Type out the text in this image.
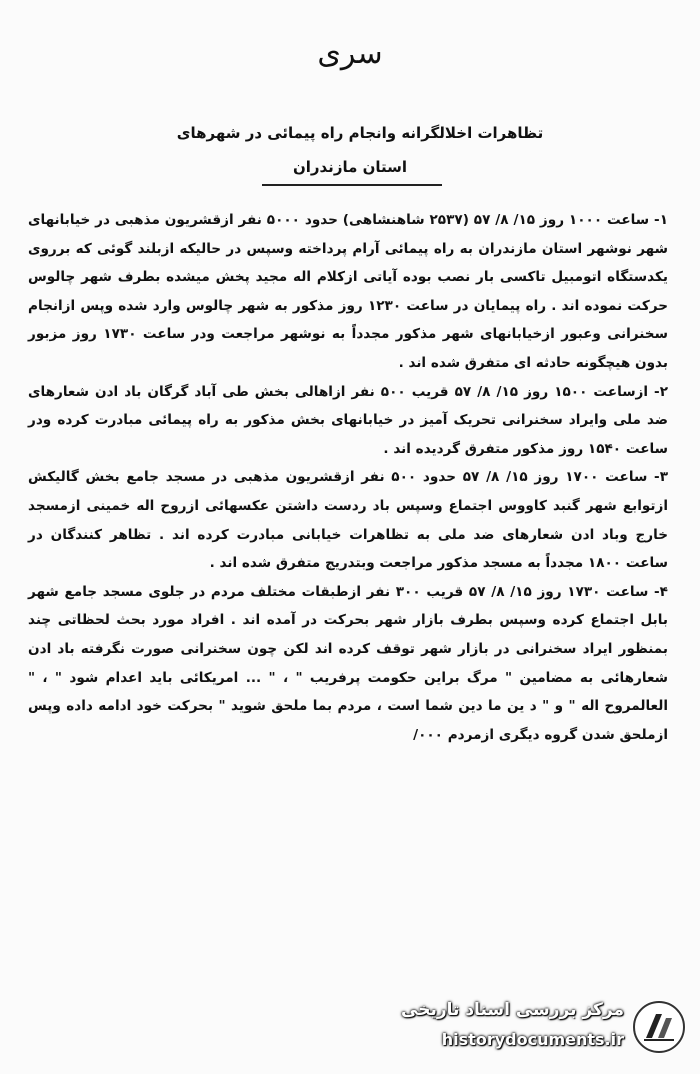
سری
تظاهرات اخلالگرانه وانجام راه پیمائی در شهرهای
استان مازندران

۱- ساعت ۱۰۰۰ روز ۱۵/ ۸/ ۵۷ (۲۵۳۷ شاهنشاهی) حدود ۵۰۰۰ نفر ازقشریون مذهبی در خیابانهای شهر نوشهر استان مازندران به راه پیمائی آرام پرداخته وسپس در حالیکه ازبلند گوئی که برروی یکدستگاه اتومبیل تاکسی بار نصب بوده آیاتی ازکلام اله مجید پخش میشده بطرف شهر چالوس حرکت نموده اند . راه پیمایان در ساعت ۱۲۳۰ روز مذکور به شهر چالوس وارد شده وپس ازانجام سخنرانی وعبور ازخیابانهای شهر مذکور مجدداً به نوشهر مراجعت ودر ساعت ۱۷۳۰ روز مزبور بدون هیچگونه حادثه ای متفرق شده اند .

۲- ازساعت ۱۵۰۰ روز ۱۵/ ۸/ ۵۷ قریب ۵۰۰ نفر ازاهالی بخش طی آباد گرگان باد ادن شعارهای ضد ملی وایراد سخنرانی تحریک آمیز در خیابانهای بخش مذکور به راه پیمائی مبادرت کرده ودر ساعت ۱۵۴۰ روز مذکور متفرق گردیده اند .

۳- ساعت ۱۷۰۰ روز ۱۵/ ۸/ ۵۷ حدود ۵۰۰ نفر ازقشریون مذهبی در مسجد جامع بخش گالیکش ازتوابع شهر گنبد کاووس اجتماع وسپس باد ردست داشتن عکسهائی ازروح اله خمینی ازمسجد خارج وباد ادن شعارهای ضد ملی به تظاهرات خیابانی مبادرت کرده اند . تظاهر کنندگان در ساعت ۱۸۰۰ مجدداً به مسجد مذکور مراجعت وبتدریج متفرق شده اند .

۴- ساعت ۱۷۳۰ روز ۱۵/ ۸/ ۵۷ قریب ۳۰۰ نفر ازطبقات مختلف مردم در جلوی مسجد جامع شهر بابل اجتماع کرده وسپس بطرف بازار شهر بحرکت در آمده اند . افراد مورد بحث لحظاتی چند بمنظور ایراد سخنرانی در بازار شهر توقف کرده اند لکن چون سخنرانی صورت نگرفته باد ادن شعارهائی به مضامین " مرگ براین حکومت پرفریب " ، " ... امریکائی باید اعدام شود " ، " العالمروح اله " و " د ین ما دین شما است ، مردم بما ملحق شوید " بحرکت خود ادامه داده وپس ازملحق شدن گروه دیگری ازمردم ۰۰۰/

مرکز بررسی اسناد تاریخی
historydocuments.ir
